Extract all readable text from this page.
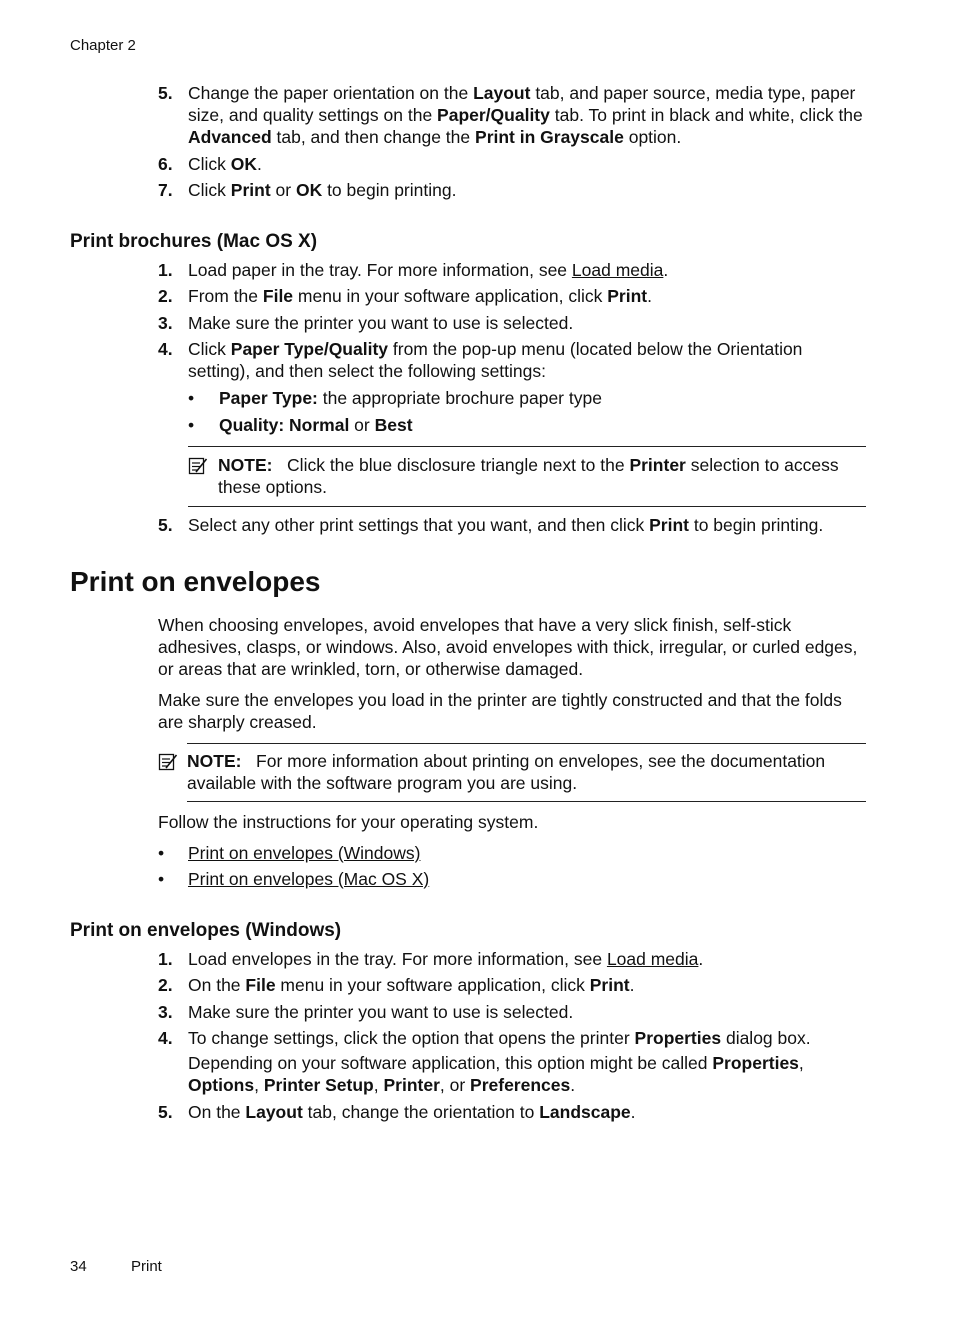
Chapter 2
5. Change the paper orientation on the Layout tab, and paper source, media type, paper size, and quality settings on the Paper/Quality tab. To print in black and white, click the Advanced tab, and then change the Print in Grayscale option.
6. Click OK.
7. Click Print or OK to begin printing.
Print brochures (Mac OS X)
1. Load paper in the tray. For more information, see Load media.
2. From the File menu in your software application, click Print.
3. Make sure the printer you want to use is selected.
4. Click Paper Type/Quality from the pop-up menu (located below the Orientation setting), and then select the following settings:
• Paper Type: the appropriate brochure paper type
• Quality: Normal or Best
NOTE: Click the blue disclosure triangle next to the Printer selection to access these options.
5. Select any other print settings that you want, and then click Print to begin printing.
Print on envelopes
When choosing envelopes, avoid envelopes that have a very slick finish, self-stick adhesives, clasps, or windows. Also, avoid envelopes with thick, irregular, or curled edges, or areas that are wrinkled, torn, or otherwise damaged.
Make sure the envelopes you load in the printer are tightly constructed and that the folds are sharply creased.
NOTE: For more information about printing on envelopes, see the documentation available with the software program you are using.
Follow the instructions for your operating system.
• Print on envelopes (Windows)
• Print on envelopes (Mac OS X)
Print on envelopes (Windows)
1. Load envelopes in the tray. For more information, see Load media.
2. On the File menu in your software application, click Print.
3. Make sure the printer you want to use is selected.
4. To change settings, click the option that opens the printer Properties dialog box.
Depending on your software application, this option might be called Properties, Options, Printer Setup, Printer, or Preferences.
5. On the Layout tab, change the orientation to Landscape.
34	Print
